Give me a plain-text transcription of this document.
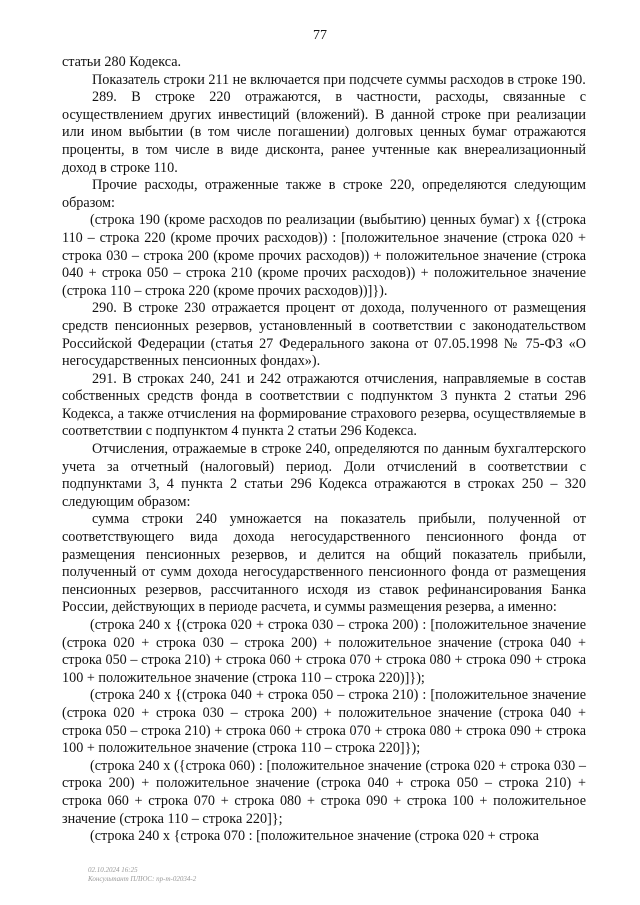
77

статьи 280 Кодекса.

Показатель строки 211 не включается при подсчете суммы расходов в строке 190.

289. В строке 220 отражаются, в частности, расходы, связанные с осуществлением других инвестиций (вложений). В данной строке при реализации или ином выбытии (в том числе погашении) долговых ценных бумаг отражаются проценты, в том числе в виде дисконта, ранее учтенные как внереализационный доход в строке 110.

Прочие расходы, отраженные также в строке 220, определяются следующим образом:

(строка 190 (кроме расходов по реализации (выбытию) ценных бумаг) x {(строка 110 – строка 220 (кроме прочих расходов)) : [положительное значение (строка 020 + строка 030 – строка 200 (кроме прочих расходов)) + положительное значение (строка 040 + строка 050 – строка 210 (кроме прочих расходов)) + положительное значение (строка 110 – строка 220 (кроме прочих расходов))]}).

290. В строке 230 отражается процент от дохода, полученного от размещения средств пенсионных резервов, установленный в соответствии с законодательством Российской Федерации (статья 27 Федерального закона от 07.05.1998 № 75-ФЗ «О негосударственных пенсионных фондах»).

291. В строках 240, 241 и 242 отражаются отчисления, направляемые в состав собственных средств фонда в соответствии с подпунктом 3 пункта 2 статьи 296 Кодекса, а также отчисления на формирование страхового резерва, осуществляемые в соответствии с подпунктом 4 пункта 2 статьи 296 Кодекса.

Отчисления, отражаемые в строке 240, определяются по данным бухгалтерского учета за отчетный (налоговый) период. Доли отчислений в соответствии с подпунктами 3, 4 пункта 2 статьи 296 Кодекса отражаются в строках 250 – 320 следующим образом:

сумма строки 240 умножается на показатель прибыли, полученной от соответствующего вида дохода негосударственного пенсионного фонда от размещения пенсионных резервов, и делится на общий показатель прибыли, полученный от сумм дохода негосударственного пенсионного фонда от размещения пенсионных резервов, рассчитанного исходя из ставок рефинансирования Банка России, действующих в периоде расчета, и суммы размещения резерва, а именно:

(строка 240 x {(строка 020 + строка 030 – строка 200) : [положительное значение (строка 020 + строка 030 – строка 200) + положительное значение (строка 040 + строка 050 – строка 210) + строка 060 + строка 070 + строка 080 + строка 090 + строка 100 + положительное значение (строка 110 – строка 220)]});

(строка 240 x {(строка 040 + строка 050 – строка 210) : [положительное значение (строка 020 + строка 030 – строка 200) + положительное значение (строка 040 + строка 050 – строка 210) + строка 060 + строка 070 + строка 080 + строка 090 + строка 100 + положительное значение (строка 110 – строка 220]});

(строка 240 x ({строка 060) : [положительное значение (строка 020 + строка 030 – строка 200) + положительное значение (строка 040 + строка 050 – строка 210) + строка 060 + строка 070 + строка 080 + строка 090 + строка 100 + положительное значение (строка 110 – строка 220]};

(строка 240 x {строка 070 : [положительное значение (строка 020 + строка

02.10.2024 16:25
Консультант ПЛЮС: пр-т-02034-2
